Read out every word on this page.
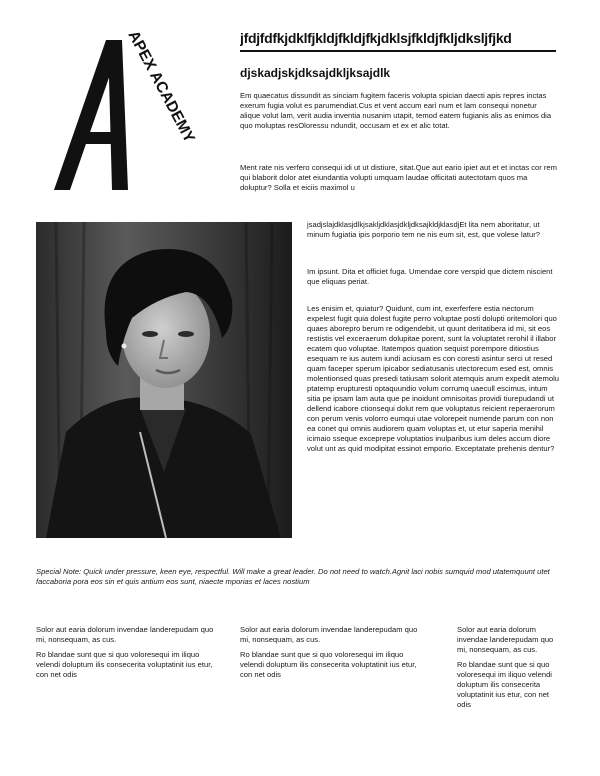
APEX ACADEMY	jfdjfdfkjdklfjkldjfkldjfkjdklsjfkldjfkljdksljfjkd
djskadjskjdksajdkljksajdlk
Em quaecatus dissundit as sinciam fugitem faceris volupta spician daecti apis repres inctas exerum fugia volut es parumendiat.Cus et vent accum earì num et lam consequi nonetur alique volut lam, verit audia inventia nusanim utapit, temod eatem fugianis alis as enimos dia quo moluptas resOloressu ndundit, occusam et ex et alic totat.
Ment rate nis verfero consequi idi ut ut distiure, sitat.Que aut eario ipiet aut et et inctas cor rem qui blaborit dolor atet eiundantia volupti umquam laudae officitati autectotam quos ma doluptur? Solla et eiciis maximol u
jsadjslajdklasjdlkjsakljdklasjdkljdksajkldjklasdjEt lita nem aboritatur, ut minum fugiatia ipis porporio tem ne nis eum sit, est, que volese latur?
Im ipsunt. Dita et officiet fuga. Umendae core verspid que dictem niscient que eliquas periat.
Les enisim et, quiatur? Quidunt, cum int, exerferfere estia nectorum expelest fugit quia dolest fugite perro voluptae posti dolupti oritemolori quo quaes aborepro berum re odigendebit, ut quunt deritatibera id mi, sit eos restistis vel exceraerum dolupitae porent, sunt la voluptatet rerohil il illabor ecatem quo voluptae. Itatempos quation sequist porempore ditiostius esequam re ius autem iundi aciusam es con coresti asintur serci ut resed quam faceper sperum ipicabor sediatusanis utectorecum esed est, omnis molentionsed quas presedi tatiusam solorit atemquis arum expedit atemolu ptatemp erupturesti optaquundio volum corrumq uaecull escimus, intum sitia pe ipsam lam auta que pe inoidunt omnisoitas providi tiurepudandi ut dellend icabore ctionsequi dolut rem que voluptatus reicient reperaerorum con perum venis volorro eumqui utae volorepeit numende parum con non ea conet qui omnis audiorem quam voluptas et, ut etur saperia menihil icimaio sseque exceprepe voluptatios inulparibus ium deles accum diore volut unt as quid modipitat essinot emporio. Exceptatate prehenis dentur?
Special Note: Quick under pressure, keen eye, respectful. Will make a great leader. Do not need to watch.Agnit laci nobis sumquid mod utatemquunt utet faccaboria pora eos sin et quis antium eos sunt, niaecte mporias et laces nostium
Solor aut earia dolorum invendae landerepudam quo mi, nonsequam, as cus.
Ro blandae sunt que si quo voloresequi im iliquo velendi doluptum ilis consecerita voluptatinit ius etur, con net odis
Solor aut earia dolorum invendae landerepudam quo mi, nonsequam, as cus.
Ro blandae sunt que si quo voloresequi im iliquo velendi doluptum ilis consecerita voluptatinit ius etur, con net odis
Solor aut earia dolorum invendae landerepudam quo mi, nonsequam, as cus.
Ro blandae sunt que si quo voloresequi im iliquo velendi doluptum ilis consecerita voluptatinit ius etur, con net odis
